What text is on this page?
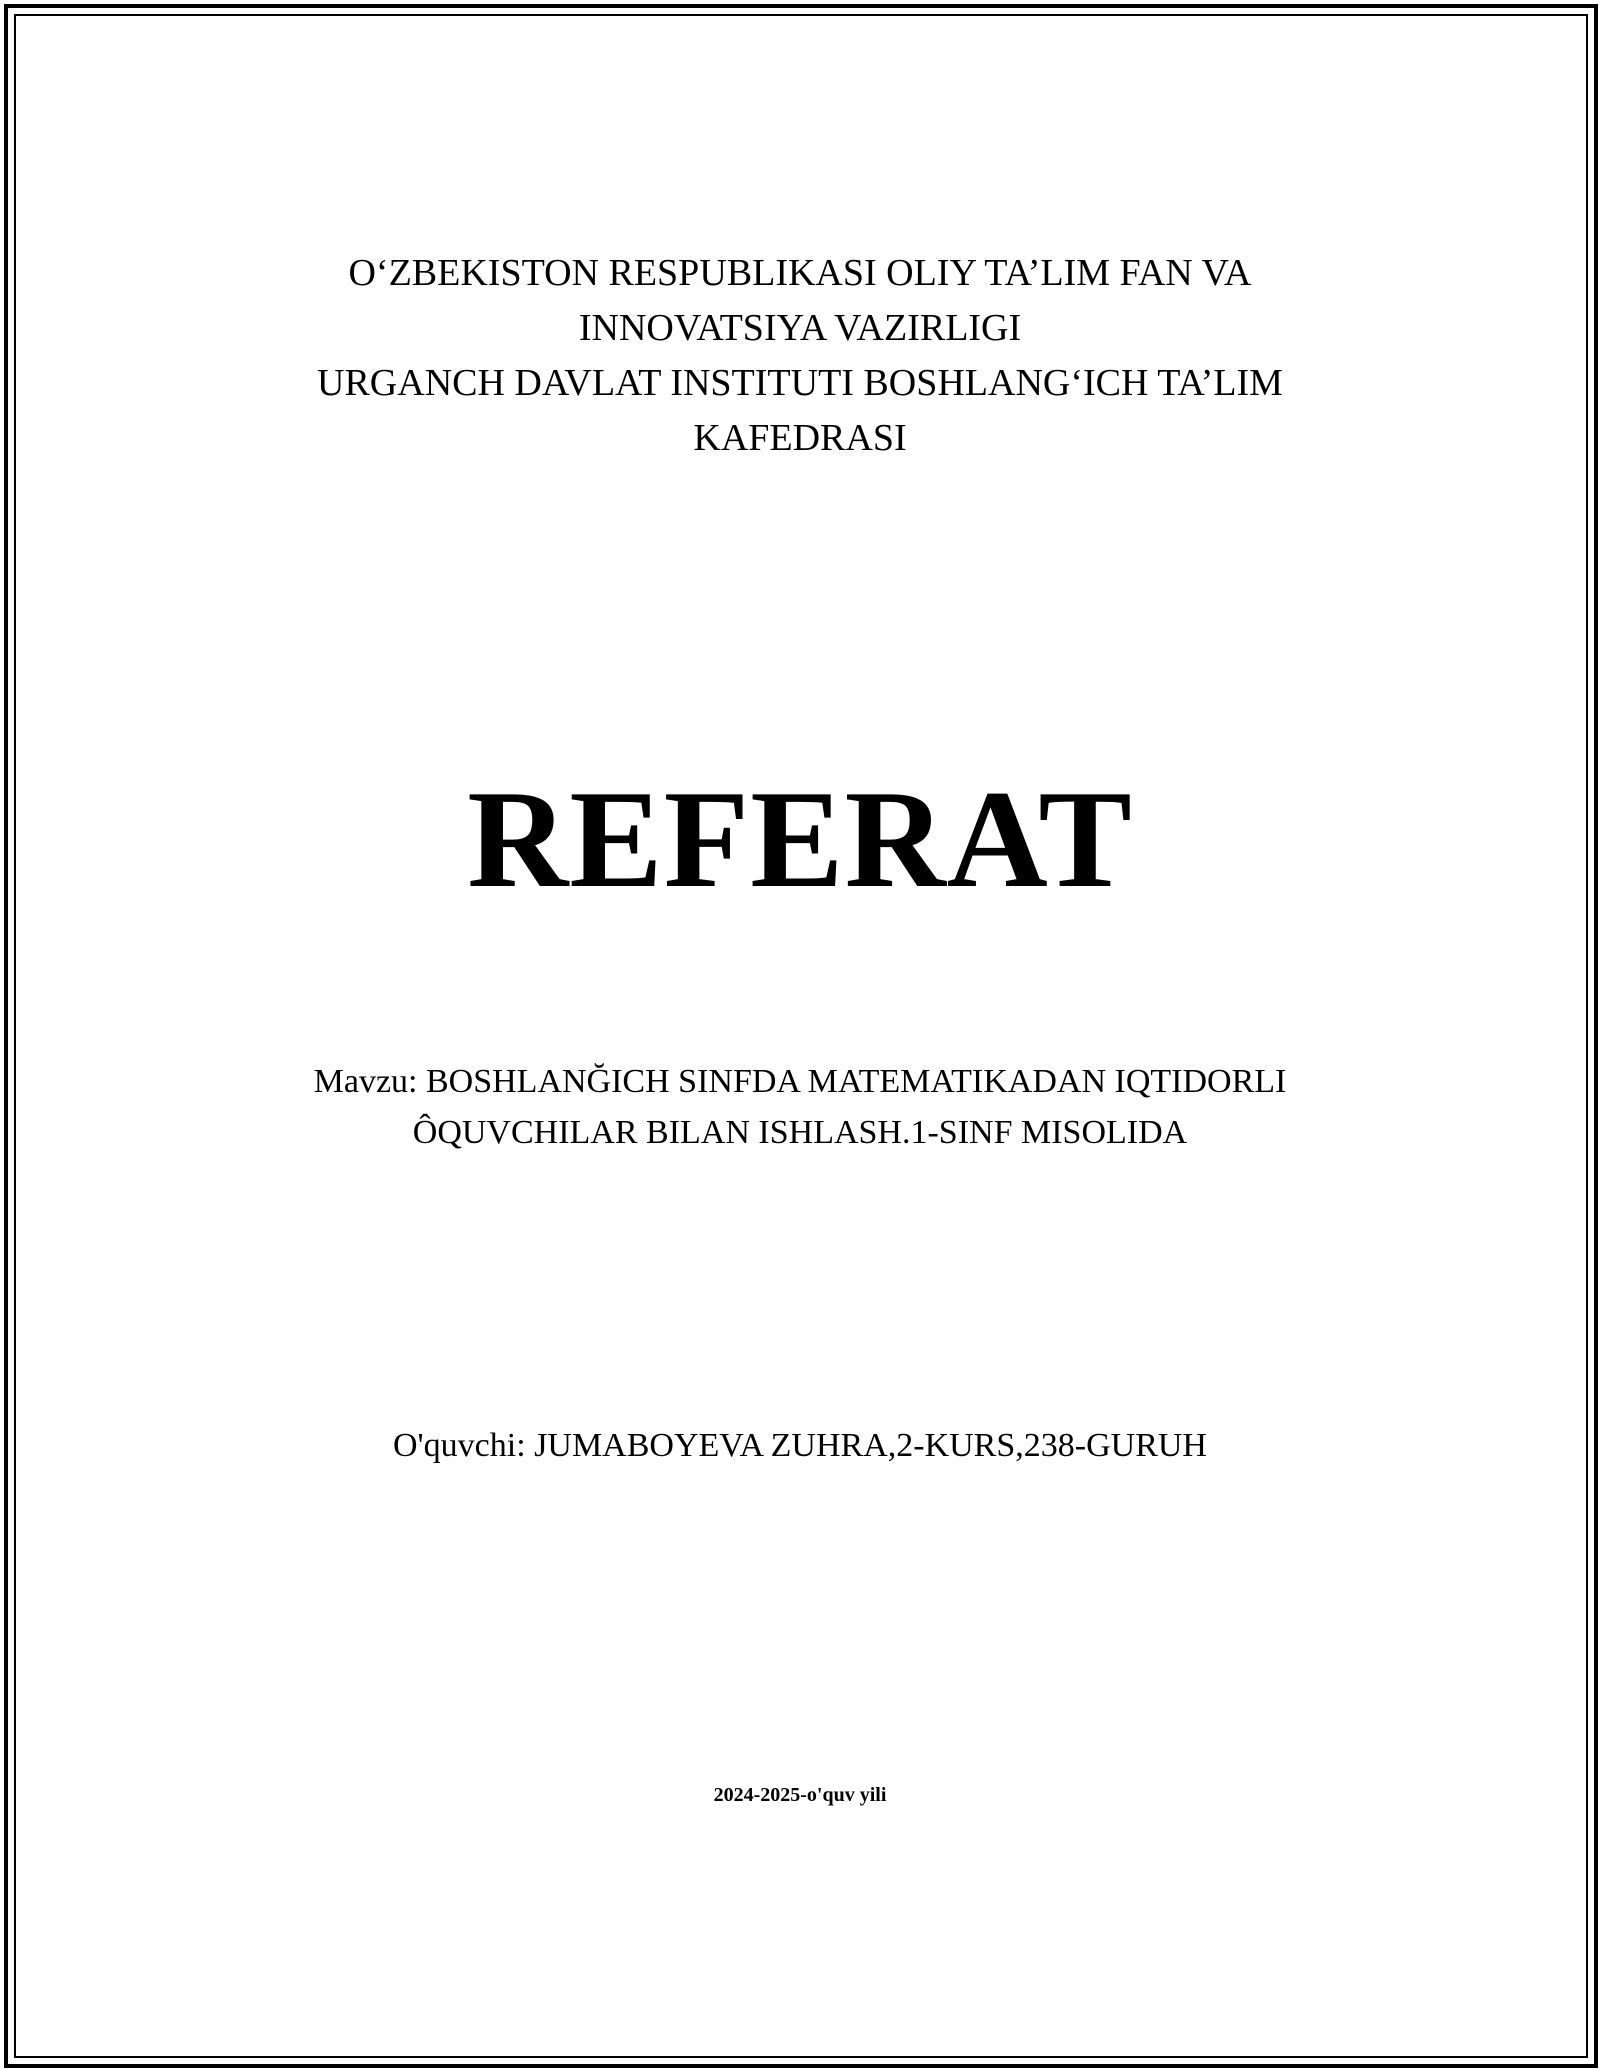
O‘ZBEKISTON RESPUBLIKASI OLIY TA’LIM FAN VA
INNOVATSIYA VAZIRLIGI
URGANCH DAVLAT INSTITUTI BOSHLANG‘ICH TA’LIM
KAFEDRASI
REFERAT
Mavzu: BOSHLANĞICH SINFDA MATEMATIKADAN IQTIDORLI
ÔQUVCHILAR BILAN ISHLASH.1-SINF MISOLIDA
O'quvchi: JUMABOYEVA ZUHRA,2-KURS,238-GURUH
2024-2025-o'quv yili
